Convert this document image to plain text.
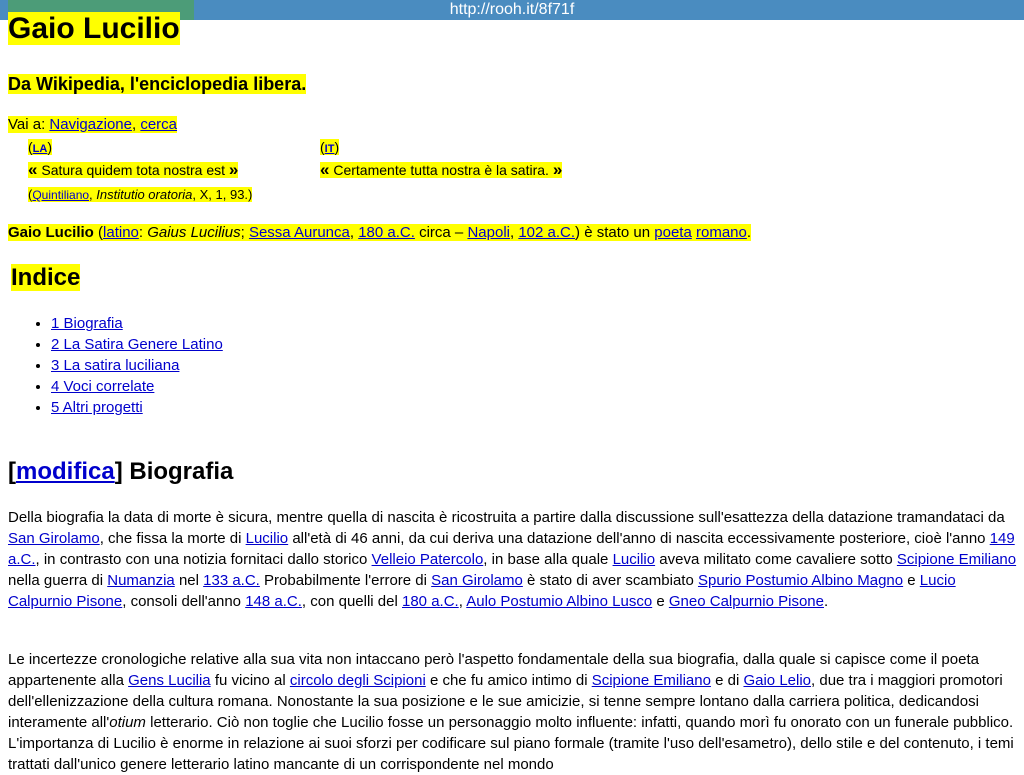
http://rooh.it/8f71f
Gaio Lucilio
Da Wikipedia, l'enciclopedia libera.
Vai a: Navigazione, cerca
(LA)	(IT)
« Satura quidem tota nostra est »	« Certamente tutta nostra è la satira. »
(Quintiliano, Institutio oratoria, X, 1, 93.)
Gaio Lucilio (latino: Gaius Lucilius; Sessa Aurunca, 180 a.C. circa – Napoli, 102 a.C.) è stato un poeta romano.
Indice
• 1 Biografia
• 2 La Satira Genere Latino
• 3 La satira luciliana
• 4 Voci correlate
• 5 Altri progetti
[modifica] Biografia

Della biografia la data di morte è sicura, mentre quella di nascita è ricostruita a partire dalla discussione sull'esattezza della datazione tramandataci da San Girolamo, che fissa la morte di Lucilio all'età di 46 anni, da cui deriva una datazione dell'anno di nascita eccessivamente posteriore, cioè l'anno 149 a.C., in contrasto con una notizia fornitaci dallo storico Velleio Patercolo, in base alla quale Lucilio aveva militato come cavaliere sotto Scipione Emiliano nella guerra di Numanzia nel 133 a.C. Probabilmente l'errore di San Girolamo è stato di aver scambiato Spurio Postumio Albino Magno e Lucio Calpurnio Pisone, consoli dell'anno 148 a.C., con quelli del 180 a.C., Aulo Postumio Albino Lusco e Gneo Calpurnio Pisone.

Le incertezze cronologiche relative alla sua vita non intaccano però l'aspetto fondamentale della sua biografia, dalla quale si capisce come il poeta appartenente alla Gens Lucilia fu vicino al circolo degli Scipioni e che fu amico intimo di Scipione Emiliano e di Gaio Lelio, due tra i maggiori promotori dell'ellenizzazione della cultura romana. Nonostante la sua posizione e le sue amicizie, si tenne sempre lontano dalla carriera politica, dedicandosi interamente all'otium letterario. Ciò non toglie che Lucilio fosse un personaggio molto influente: infatti, quando morì fu onorato con un funerale pubblico. L'importanza di Lucilio è enorme in relazione ai suoi sforzi per codificare sul piano formale (tramite l'uso dell'esametro), dello stile e del contenuto, i temi trattati dall'unico genere letterario latino mancante di un corrispondente nel mondo
